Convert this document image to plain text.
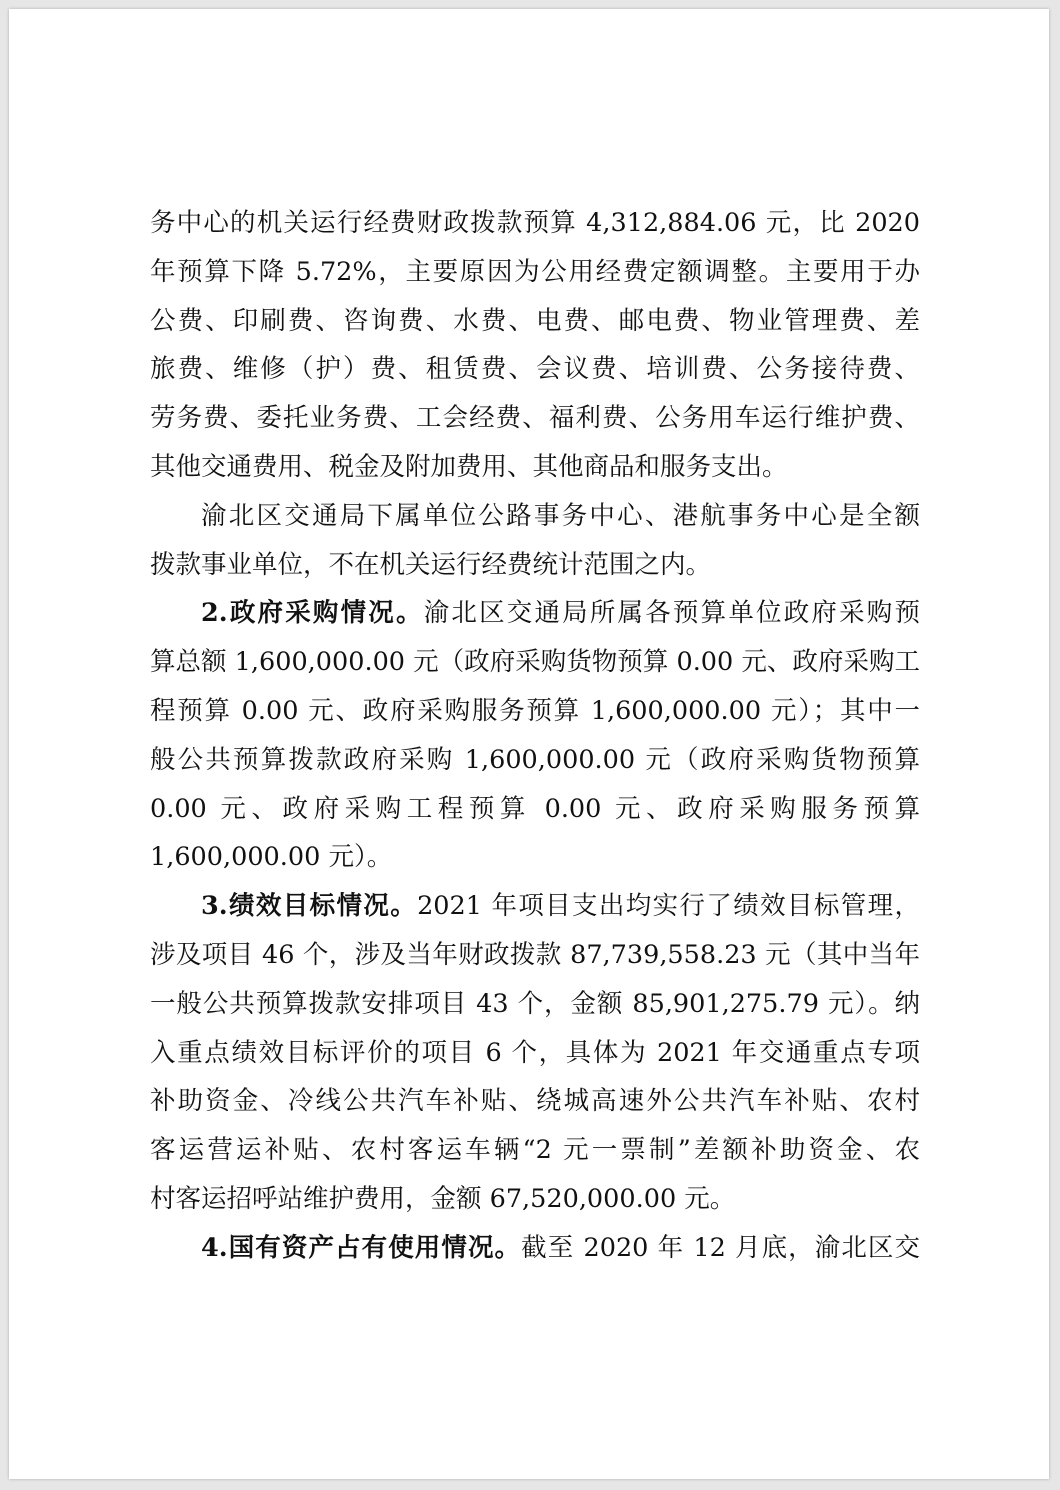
务中心的机关运行经费财政拨款预算 4,312,884.06 元，比 2020
年预算下降 5.72%，主要原因为公用经费定额调整。主要用于办
公费、印刷费、咨询费、水费、电费、邮电费、物业管理费、差
旅费、维修（护）费、租赁费、会议费、培训费、公务接待费、
劳务费、委托业务费、工会经费、福利费、公务用车运行维护费、
其他交通费用、税金及附加费用、其他商品和服务支出。
渝北区交通局下属单位公路事务中心、港航事务中心是全额
拨款事业单位，不在机关运行经费统计范围之内。
2.政府采购情况。渝北区交通局所属各预算单位政府采购预
算总额 1,600,000.00 元（政府采购货物预算 0.00 元、政府采购工
程预算 0.00 元、政府采购服务预算 1,600,000.00 元）；其中一
般公共预算拨款政府采购 1,600,000.00 元（政府采购货物预算
0.00 元、政府采购工程预算 0.00 元、政府采购服务预算
1,600,000.00 元）。
3.绩效目标情况。2021 年项目支出均实行了绩效目标管理，
涉及项目 46 个，涉及当年财政拨款 87,739,558.23 元（其中当年
一般公共预算拨款安排项目 43 个，金额 85,901,275.79 元）。纳
入重点绩效目标评价的项目 6 个，具体为 2021 年交通重点专项
补助资金、冷线公共汽车补贴、绕城高速外公共汽车补贴、农村
客运营运补贴、农村客运车辆“2 元一票制”差额补助资金、农
村客运招呼站维护费用，金额 67,520,000.00 元。
4.国有资产占有使用情况。截至 2020 年 12 月底，渝北区交
